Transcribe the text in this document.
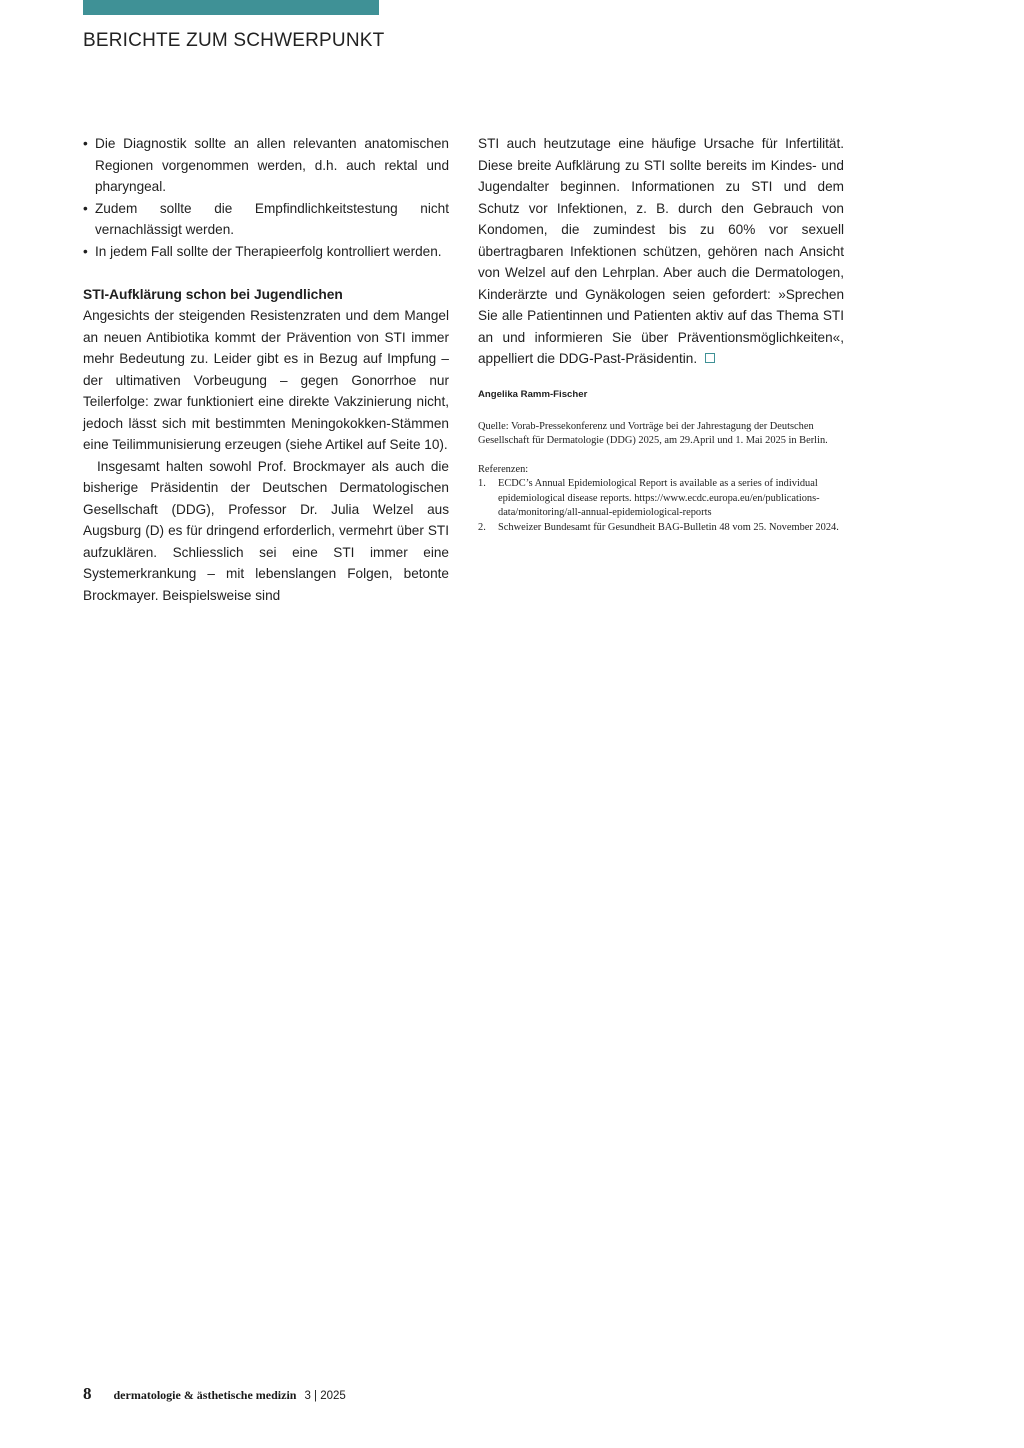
BERICHTE ZUM SCHWERPUNKT
• Die Diagnostik sollte an allen relevanten anatomischen Regionen vorgenommen werden, d.h. auch rektal und pharyngeal.
• Zudem sollte die Empfindlichkeitstestung nicht vernachlässigt werden.
• In jedem Fall sollte der Therapieerfolg kontrolliert werden.
STI-Aufklärung schon bei Jugendlichen

Angesichts der steigenden Resistenzraten und dem Mangel an neuen Antibiotika kommt der Prävention von STI immer mehr Bedeutung zu. Leider gibt es in Bezug auf Impfung – der ultimativen Vorbeugung – gegen Gonorrhoe nur Teilerfolge: zwar funktioniert eine direkte Vakzinierung nicht, jedoch lässt sich mit bestimmten Meningokokken-Stämmen eine Teilimmunisierung erzeugen (siehe Artikel auf Seite 10).

Insgesamt halten sowohl Prof. Brockmayer als auch die bisherige Präsidentin der Deutschen Dermatologischen Gesellschaft (DDG), Professor Dr. Julia Welzel aus Augsburg (D) es für dringend erforderlich, vermehrt über STI aufzuklären. Schliesslich sei eine STI immer eine Systemerkrankung – mit lebenslangen Folgen, betonte Brockmayer. Beispielsweise sind

STI auch heutzutage eine häufige Ursache für Infertilität. Diese breite Aufklärung zu STI sollte bereits im Kindes- und Jugendalter beginnen. Informationen zu STI und dem Schutz vor Infektionen, z. B. durch den Gebrauch von Kondomen, die zumindest bis zu 60% vor sexuell übertragbaren Infektionen schützen, gehören nach Ansicht von Welzel auf den Lehrplan. Aber auch die Dermatologen, Kinderärzte und Gynäkologen seien gefordert: »Sprechen Sie alle Patientinnen und Patienten aktiv auf das Thema STI an und informieren Sie über Präventionsmöglichkeiten«, appelliert die DDG-Past-Präsidentin.

Angelika Ramm-Fischer
Quelle: Vorab-Pressekonferenz und Vorträge bei der Jahrestagung der Deutschen Gesellschaft für Dermatologie (DDG) 2025, am 29.April und 1. Mai 2025 in Berlin.
Referenzen:
1. ECDC’s Annual Epidemiological Report is available as a series of individual epidemiological disease reports. https://www.ecdc.europa.eu/en/publications-data/monitoring/all-annual-epidemiological-reports
2. Schweizer Bundesamt für Gesundheit BAG-Bulletin 48 vom 25. November 2024.
8 dermatologie & ästhetische medizin 3 | 2025
